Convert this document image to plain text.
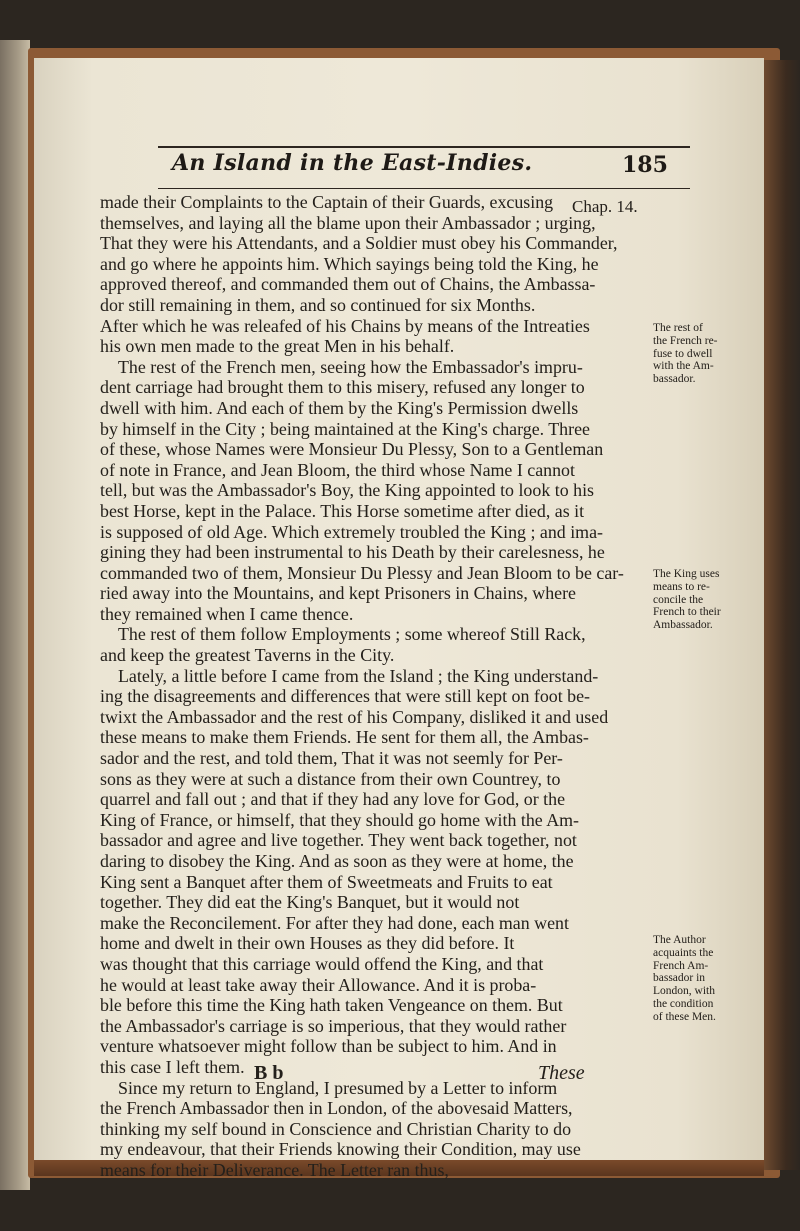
An Island in the East-Indies.	185
Chap. 14.
made their Complaints to the Captain of their Guards, excusing
themselves, and laying all the blame upon their Ambassador ; urging,
That they were his Attendants, and a Soldier must obey his Commander,
and go where he appoints him. Which sayings being told the King, he
approved thereof, and commanded them out of Chains, the Ambassa-
dor still remaining in them, and so continued for six Months.
After which he was releafed of his Chains by means of the Intreaties
his own men made to the great Men in his behalf.
The rest of the French men, seeing how the Embassador's impru-
dent carriage had brought them to this misery, refused any longer to
dwell with him. And each of them by the King's Permission dwells
by himself in the City ; being maintained at the King's charge. Three
of these, whose Names were Monsieur Du Plessy, Son to a Gentleman
of note in France, and Jean Bloom, the third whose Name I cannot
tell, but was the Ambassador's Boy, the King appointed to look to his
best Horse, kept in the Palace. This Horse sometime after died, as it
is supposed of old Age. Which extremely troubled the King ; and ima-
gining they had been instrumental to his Death by their carelesness, he
commanded two of them, Monsieur Du Plessy and Jean Bloom to be car-
ried away into the Mountains, and kept Prisoners in Chains, where
they remained when I came thence.
The rest of them follow Employments ; some whereof Still Rack,
and keep the greatest Taverns in the City.
Lately, a little before I came from the Island ; the King understand-
ing the disagreements and differences that were still kept on foot be-
twixt the Ambassador and the rest of his Company, disliked it and used
these means to make them Friends. He sent for them all, the Ambas-
sador and the rest, and told them, That it was not seemly for Per-
sons as they were at such a distance from their own Countrey, to
quarrel and fall out ; and that if they had any love for God, or the
King of France, or himself, that they should go home with the Am-
bassador and agree and live together. They went back together, not
daring to disobey the King. And as soon as they were at home, the
King sent a Banquet after them of Sweetmeats and Fruits to eat
together. They did eat the King's Banquet, but it would not
make the Reconcilement. For after they had done, each man went
home and dwelt in their own Houses as they did before. It
was thought that this carriage would offend the King, and that
he would at least take away their Allowance. And it is proba-
ble before this time the King hath taken Vengeance on them. But
the Ambassador's carriage is so imperious, that they would rather
venture whatsoever might follow than be subject to him. And in
this case I left them.
Since my return to England, I presumed by a Letter to inform
the French Ambassador then in London, of the abovesaid Matters,
thinking my self bound in Conscience and Christian Charity to do
my endeavour, that their Friends knowing their Condition, may use
means for their Deliverance. The Letter ran thus,
The rest of
the French re-
fuse to dwell
with the Am-
bassador.
The King uses
means to re-
concile the
French to their
Ambassador.
The Author
acquaints the
French Am-
bassador in
London, with
the condition
of these Men.
B b	These
